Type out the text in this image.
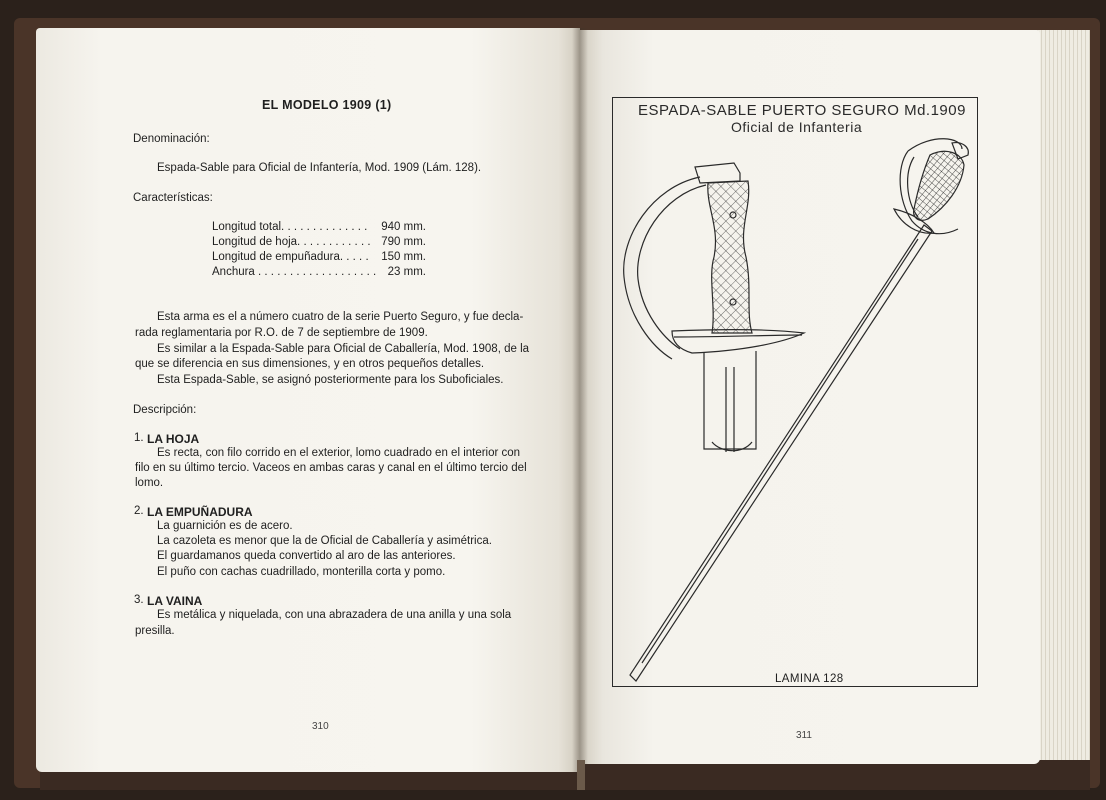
EL MODELO 1909 (1)
Denominación:
Espada-Sable para Oficial de Infantería, Mod. 1909 (Lám. 128).
Características:
Longitud total. . . . . . . . . . . . . .	940 mm.
Longitud de hoja. . . . . . . . . . . . 790 mm.
Longitud de empuñadura. . . . .	150 mm.
Anchura . . . . . . . . . . . . . . . . . . . 23 mm.
Esta arma es el a número cuatro de la serie Puerto Seguro, y fue decla-
rada reglamentaria por R.O. de 7 de septiembre de 1909.
Es similar a la Espada-Sable para Oficial de Caballería, Mod. 1908, de la
que se diferencia en sus dimensiones, y en otros pequeños detalles.
Esta Espada-Sable, se asignó posteriormente para los Suboficiales.
Descripción:
1. LA HOJA
Es recta, con filo corrido en el exterior, lomo cuadrado en el interior con
filo en su último tercio. Vaceos en ambas caras y canal en el último tercio del
lomo.
2. LA EMPUÑADURA
La guarnición es de acero.
La cazoleta es menor que la de Oficial de Caballería y asimétrica.
El guardamanos queda convertido al aro de las anteriores.
El puño con cachas cuadrillado, monterilla corta y pomo.
3. LA VAINA
Es metálica y niquelada, con una abrazadera de una anilla y una sola
presilla.
310
ESPADA-SABLE PUERTO SEGURO Md.1909
Oficial de Infanteria
LAMINA 128
311
